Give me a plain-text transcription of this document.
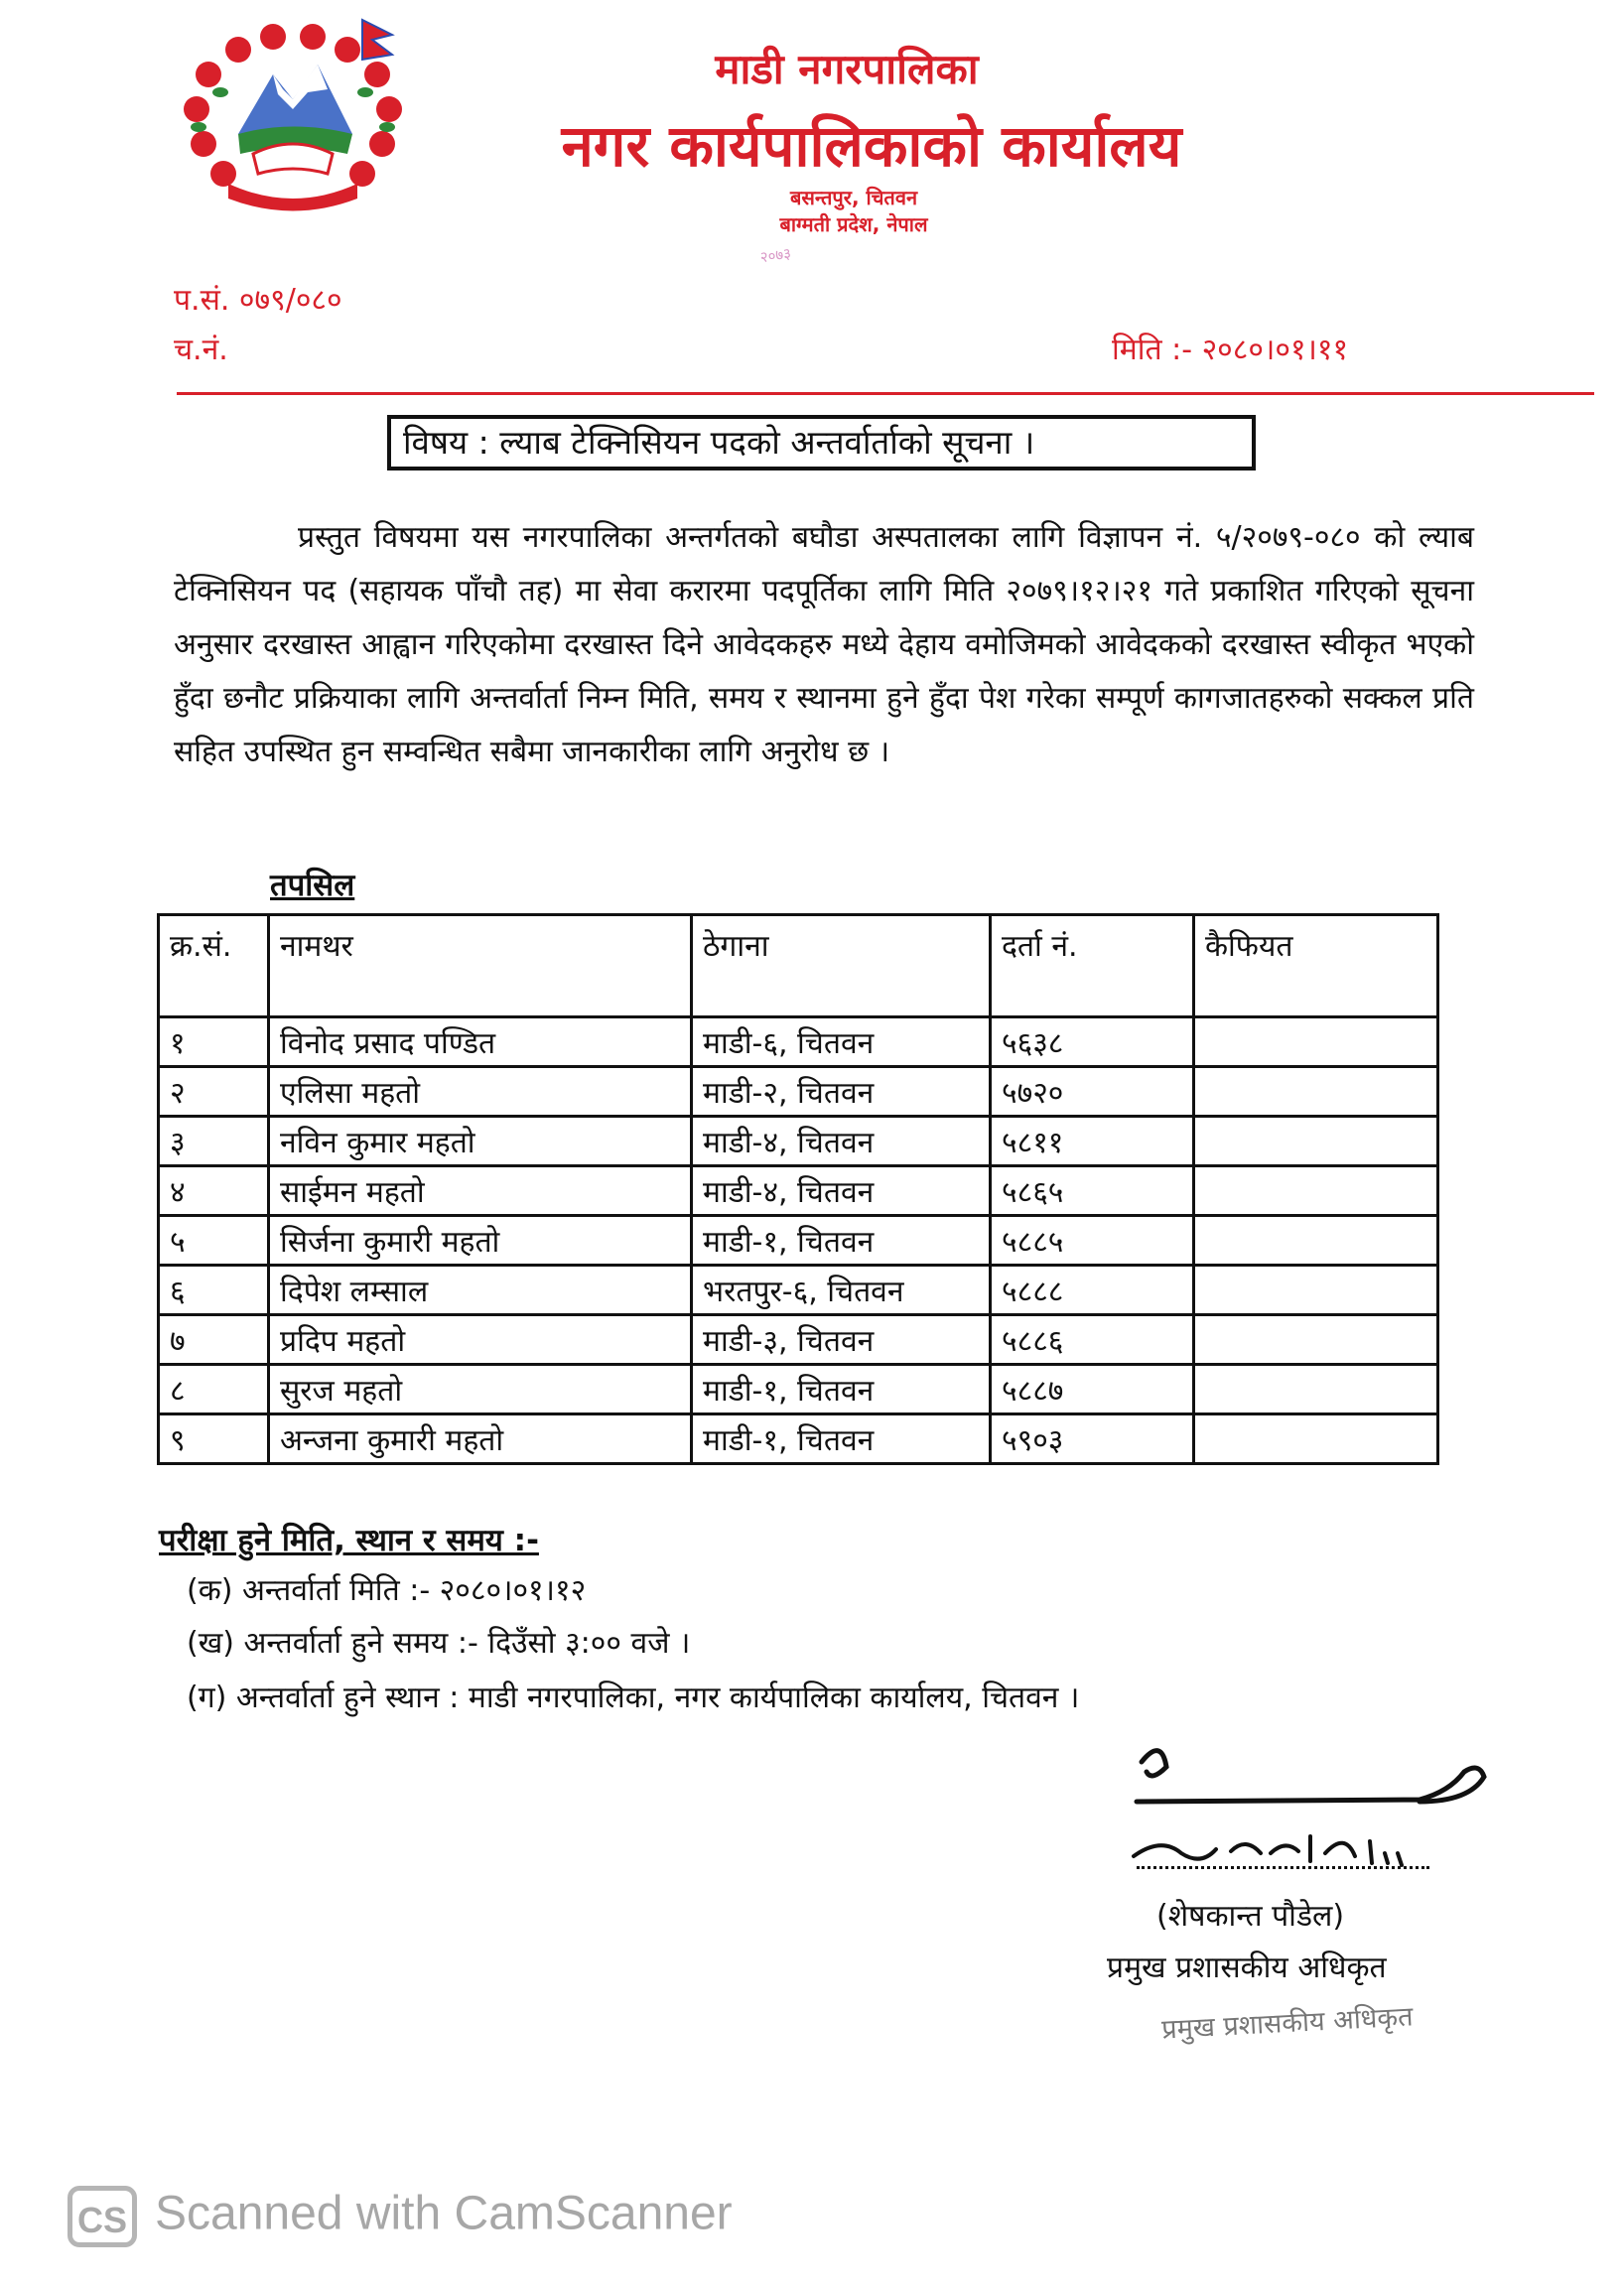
माडी नगरपालिका
नगर कार्यपालिकाको कार्यालय
बसन्तपुर, चितवन
बाग्मती प्रदेश, नेपाल
२०७३
प.सं. ०७९/०८०
च.नं.	मिति :- २०८०।०१।११
विषय : ल्याब टेक्निसियन पदको अन्तर्वार्ताको सूचना ।
प्रस्तुत विषयमा यस नगरपालिका अन्तर्गतको बघौडा अस्पतालका लागि विज्ञापन नं. ५/२०७९-०८० को ल्याब टेक्निसियन पद (सहायक पाँचौ तह) मा सेवा करारमा पदपूर्तिका लागि मिति २०७९।१२।२१ गते प्रकाशित गरिएको सूचना अनुसार दरखास्त आह्वान गरिएकोमा दरखास्त दिने आवेदकहरु मध्ये देहाय वमोजिमको आवेदकको दरखास्त स्वीकृत भएको हुँदा छनौट प्रक्रियाका लागि अन्तर्वार्ता निम्न मिति, समय र स्थानमा हुने हुँदा पेश गरेका सम्पूर्ण कागजातहरुको सक्कल प्रति सहित उपस्थित हुन सम्वन्धित सबैमा जानकारीका लागि अनुरोध छ ।
तपसिल
क्र.सं.	नामथर	ठेगाना	दर्ता नं.	कैफियत
१	विनोद प्रसाद पण्डित	माडी-६, चितवन	५६३८	
२	एलिसा महतो	माडी-२, चितवन	५७२०	
३	नविन कुमार महतो	माडी-४, चितवन	५८११	
४	साईमन महतो	माडी-४, चितवन	५८६५	
५	सिर्जना कुमारी महतो	माडी-१, चितवन	५८८५	
६	दिपेश लम्साल	भरतपुर-६, चितवन	५८८८	
७	प्रदिप महतो	माडी-३, चितवन	५८८६	
८	सुरज महतो	माडी-१, चितवन	५८८७	
९	अन्जना कुमारी महतो	माडी-१, चितवन	५९०३	
परीक्षा हुने मिति, स्थान र समय :-
(क) अन्तर्वार्ता मिति :- २०८०।०१।१२
(ख) अन्तर्वार्ता हुने समय :- दिउँसो ३:०० वजे ।
(ग) अन्तर्वार्ता हुने स्थान : माडी नगरपालिका, नगर कार्यपालिका कार्यालय, चितवन ।
(शेषकान्त पौडेल)
प्रमुख प्रशासकीय अधिकृत
प्रमुख प्रशासकीय अधिकृत
CS Scanned with CamScanner
